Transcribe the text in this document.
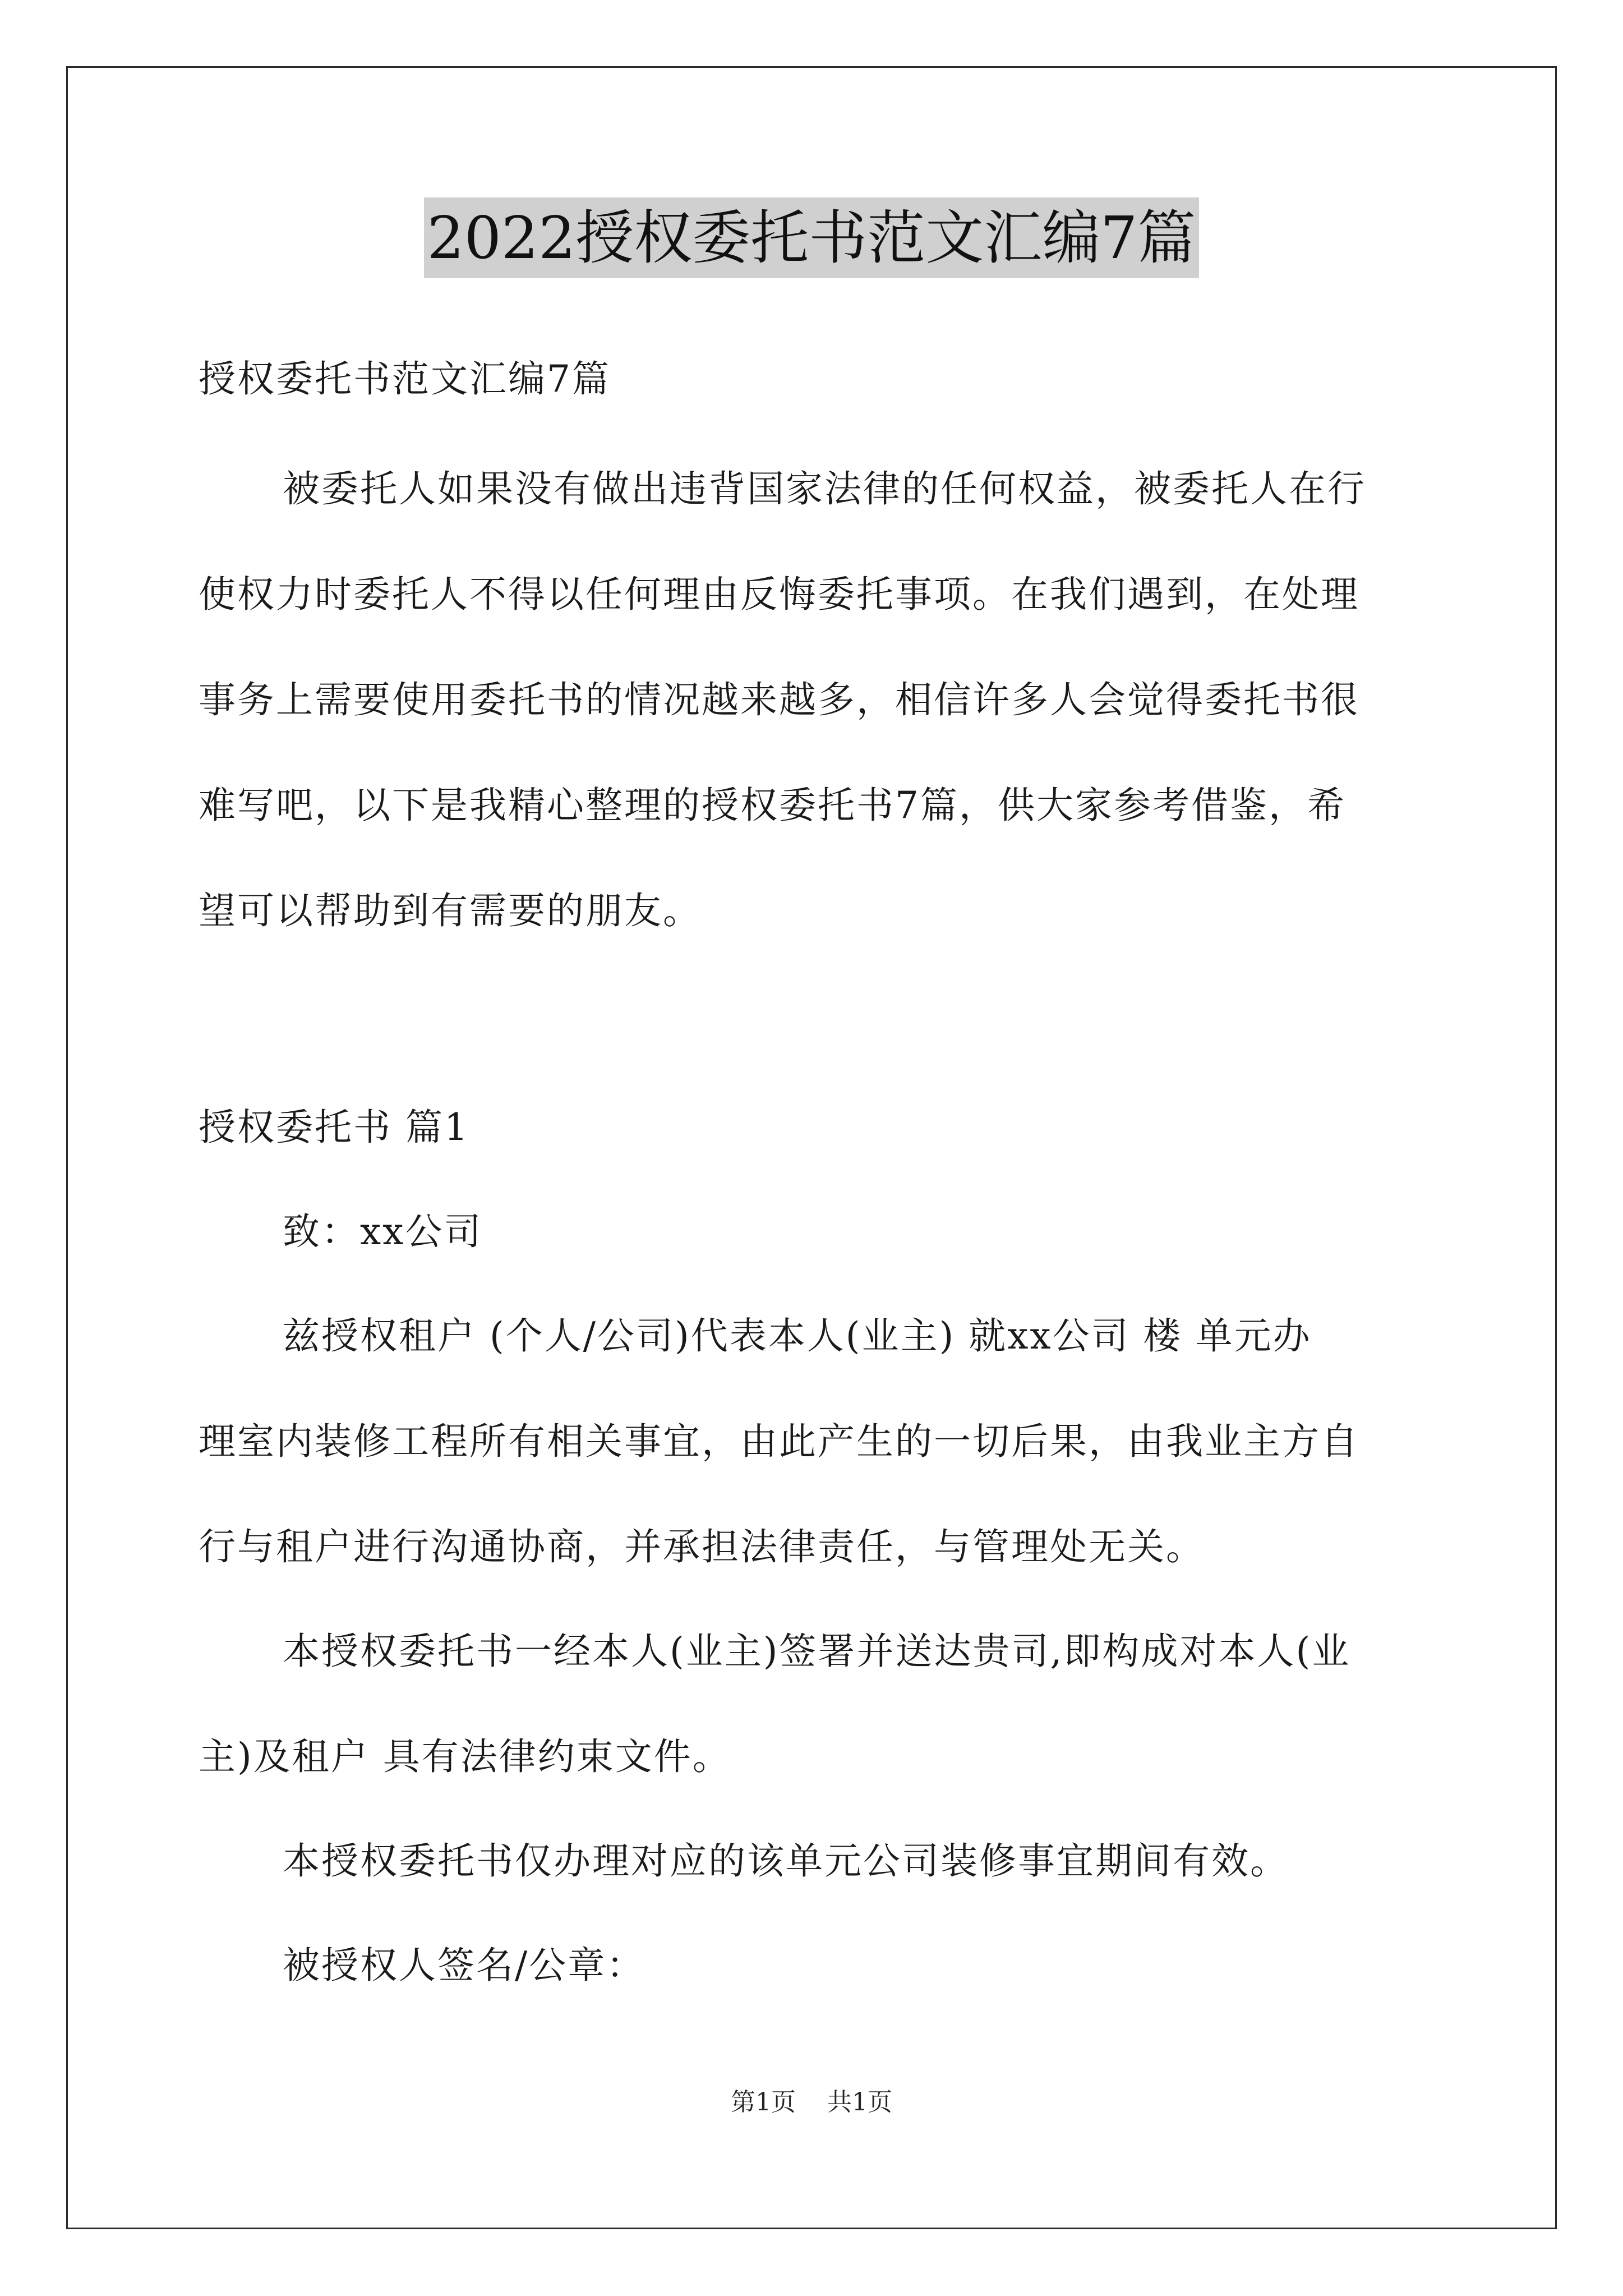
2022授权委托书范文汇编7篇
授权委托书范文汇编7篇
被委托人如果没有做出违背国家法律的任何权益，被委托人在行
使权力时委托人不得以任何理由反悔委托事项。在我们遇到，在处理
事务上需要使用委托书的情况越来越多，相信许多人会觉得委托书很
难写吧，以下是我精心整理的授权委托书7篇，供大家参考借鉴，希
望可以帮助到有需要的朋友。
授权委托书 篇1
致：xx公司
兹授权租户 (个人/公司)代表本人(业主) 就xx公司 楼 单元办
理室内装修工程所有相关事宜，由此产生的一切后果，由我业主方自
行与租户进行沟通协商，并承担法律责任，与管理处无关。
本授权委托书一经本人(业主)签署并送达贵司,即构成对本人(业
主)及租户 具有法律约束文件。
本授权委托书仅办理对应的该单元公司装修事宜期间有效。
被授权人签名/公章：
第1页 共1页
